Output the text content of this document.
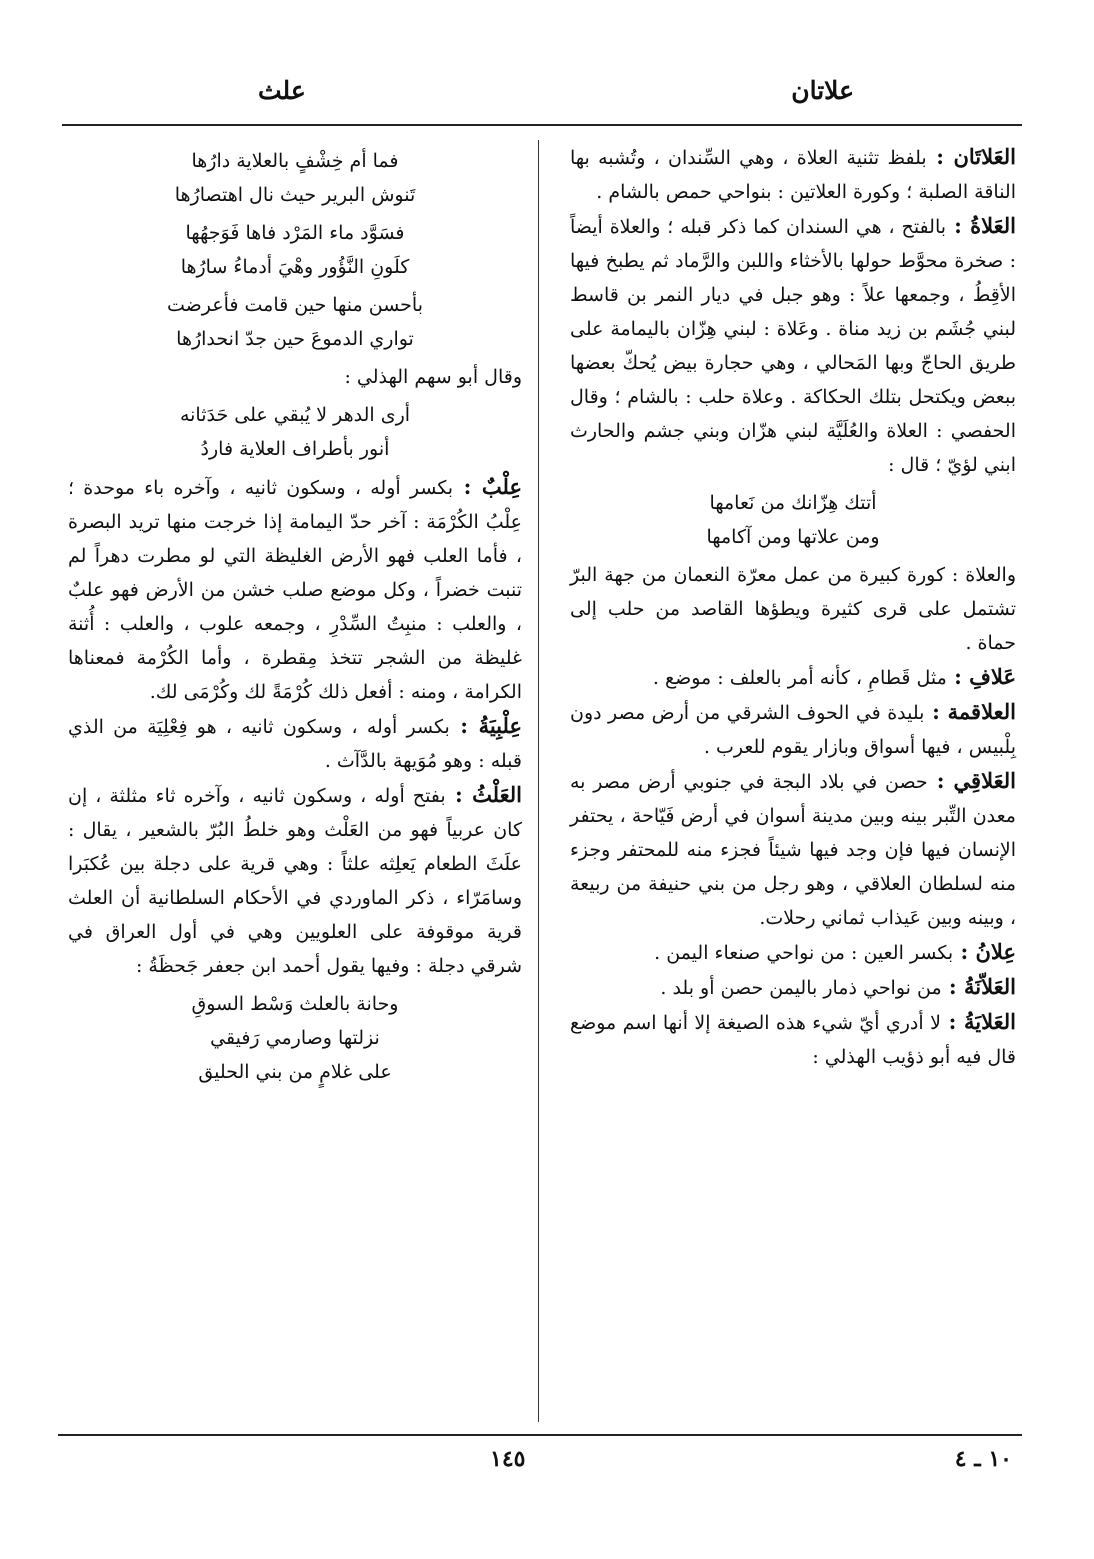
علاتان
علث
العَلاتَان : بلفظ تثنية العلاة ، وهي السِّندان ، وتُشبه بها الناقة الصلبة ؛ وكورة العلاتين : بنواحي حمص بالشام .
العَلاةُ : بالفتح ، هي السندان كما ذكر قبله ؛ والعلاة أيضاً : صخرة محوَّط حولها بالأخثاء واللبن والرَّماد ثم يطبخ فيها الأقِطُ ، وجمعها علاً : وهو جبل في ديار النمر بن قاسط لبني جُشَم بن زيد مناة . وعَلاة : لبني هِزّان باليمامة على طريق الحاجّ وبها المَحالي ، وهي حجارة بيض يُحكّ بعضها ببعض ويكتحل بتلك الحكاكة . وعلاة حلب : بالشام ؛ وقال الحفصي : العلاة والعُلَيَّة لبني هزّان وبني جشم والحارث ابني لؤيّ ؛ قال :
أتتك هِزّانك من نَعامها
ومن علاتها ومن آكامها
والعلاة : كورة كبيرة من عمل معرّة النعمان من جهة البرّ تشتمل على قرى كثيرة ويطؤها القاصد من حلب إلى حماة .
عَلافِ : مثل قَطامِ ، كأنه أمر بالعلف : موضع .
العلاقمة : بليدة في الحوف الشرقي من أرض مصر دون بِلْبيس ، فيها أسواق وبازار يقوم للعرب .
العَلاقِي : حصن في بلاد البجة في جنوبي أرض مصر به معدن التِّبر بينه وبين مدينة أسوان في أرض فَيّاحة ، يحتفر الإنسان فيها فإن وجد فيها شيئاً فجزء منه للمحتفر وجزء منه لسلطان العلاقي ، وهو رجل من بني حنيفة من ربيعة ، وبينه وبين عَيذاب ثماني رحلات.
عِلانُ : بكسر العين : من نواحي صنعاء اليمن .
العَلاّنَةُ : من نواحي ذمار باليمن حصن أو بلد .
العَلايَةُ : لا أدري أيّ شيء هذه الصيغة إلا أنها اسم موضع قال فيه أبو ذؤيب الهذلي :
فما أم خِشْفٍ بالعلاية دارُها
تَنوش البرير حيث نال اهتصارُها
فسَوَّد ماء المَرْد فاها فَوَجهُها
كلَونِ النَّؤُور وهْيَ أدماءُ سارُها
بأحسن منها حين قامت فأعرضت
تواري الدموعَ حين جدّ انحدارُها
وقال أبو سهم الهذلي :
أرى الدهر لا يُبقي على حَدَثانه
أنور بأطراف العلاية فاردُ
عِلْبٌ : بكسر أوله ، وسكون ثانيه ، وآخره باء موحدة ؛ عِلْبُ الكُرْمَة : آخر حدّ اليمامة إذا خرجت منها تريد البصرة ، فأما العلب فهو الأرض الغليظة التي لو مطرت دهراً لم تنبت خضراً ، وكل موضع صلب خشن من الأرض فهو علبٌ ، والعلب : منبِتُ السِّدْرِ ، وجمعه علوب ، والعلب : أُثنة غليظة من الشجر تتخذ مِقطرة ، وأما الكُرْمة فمعناها الكرامة ، ومنه : أفعل ذلك كُرْمَةً لك وكُرْمَى لك.
عِلْبِيَةُ : بكسر أوله ، وسكون ثانيه ، هو فِعْلِيَة من الذي قبله : وهو مُوَيهة بالدَّآث .
العَلْثُ : بفتح أوله ، وسكون ثانيه ، وآخره ثاء مثلثة ، إن كان عربياً فهو من العَلْث وهو خلطُ البُرّ بالشعير ، يقال : علَثَ الطعام يَعلِثه علثاً : وهي قرية على دجلة بين عُكبَرا وسامَرّاء ، ذكر الماوردي في الأحكام السلطانية أن العلث قرية موقوفة على العلويين وهي في أول العراق في شرقي دجلة : وفيها يقول أحمد ابن جعفر جَحظَةُ :
وحانة بالعلث وَسْط السوقِ
نزلتها وصارمي رَفيقي
على غلامٍ من بني الحليق
١٤٥	١٠ ـ ٤
